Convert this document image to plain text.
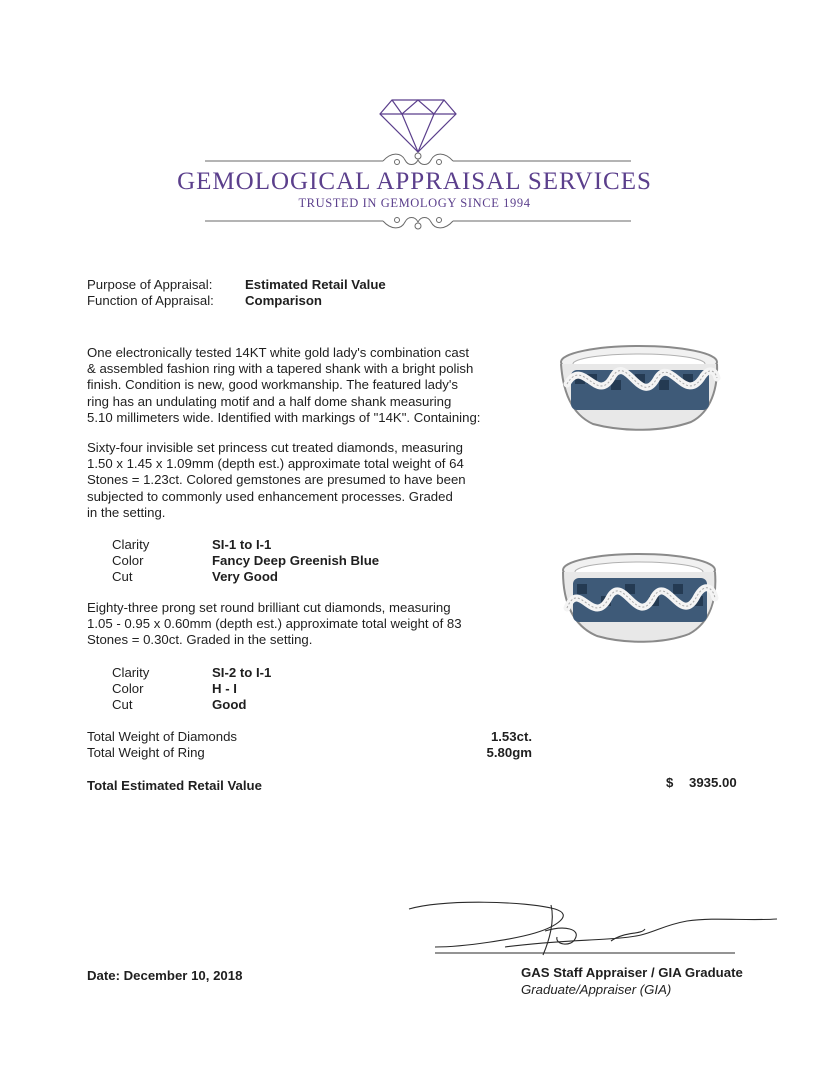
GEMOLOGICAL APPRAISAL SERVICES
TRUSTED IN GEMOLOGY SINCE 1994
Purpose of Appraisal: Estimated Retail Value
Function of Appraisal: Comparison
One electronically tested 14KT white gold lady's combination cast
& assembled fashion ring with a tapered shank with a bright polish
finish. Condition is new, good workmanship. The featured lady's
ring has an undulating motif and a half dome shank measuring
5.10 millimeters wide. Identified with markings of "14K". Containing:
Sixty-four invisible set princess cut treated diamonds, measuring
1.50 x 1.45 x 1.09mm (depth est.) approximate total weight of 64
Stones = 1.23ct. Colored gemstones are presumed to have been
subjected to commonly used enhancement processes. Graded
in the setting.
Clarity	SI-1 to I-1
Color	Fancy Deep Greenish Blue
Cut	Very Good
Eighty-three prong set round brilliant cut diamonds, measuring
1.05 - 0.95 x 0.60mm (depth est.) approximate total weight of 83
Stones = 0.30ct. Graded in the setting.
Clarity	SI-2 to I-1
Color	H - I
Cut	Good
Total Weight of Diamonds	1.53ct.
Total Weight of Ring	5.80gm
Total Estimated Retail Value	$ 3935.00
Date: December 10, 2018	GAS Staff Appraiser / GIA Graduate
Graduate/Appraiser (GIA)
